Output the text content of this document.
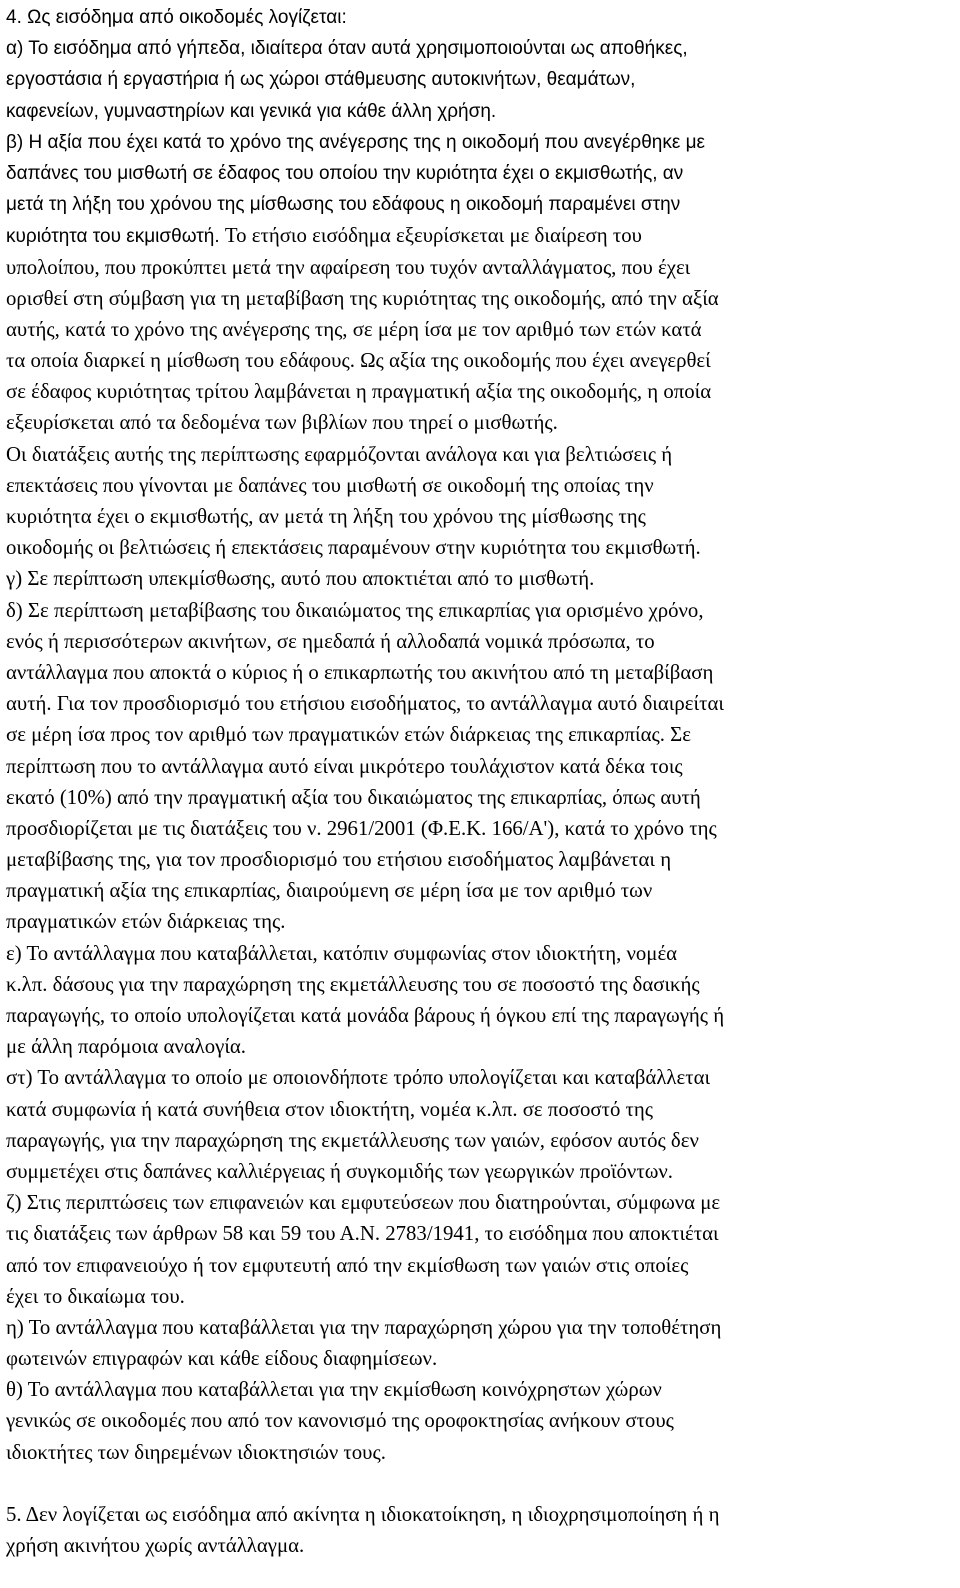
4. Ως εισόδημα από οικοδομές λογίζεται:
α) Το εισόδημα από γήπεδα, ιδιαίτερα όταν αυτά χρησιμοποιούνται ως αποθήκες,
εργοστάσια ή εργαστήρια ή ως χώροι στάθμευσης αυτοκινήτων, θεαμάτων,
καφενείων, γυμναστηρίων και γενικά για κάθε άλλη χρήση.
β) Η αξία που έχει κατά το χρόνο της ανέγερσης της η οικοδομή που ανεγέρθηκε με
δαπάνες του μισθωτή σε έδαφος του οποίου την κυριότητα έχει ο εκμισθωτής, αν
μετά τη λήξη του χρόνου της μίσθωσης του εδάφους η οικοδομή παραμένει στην
κυριότητα του εκμισθωτή. Το ετήσιο εισόδημα εξευρίσκεται με διαίρεση του
υπολοίπου, που προκύπτει μετά την αφαίρεση του τυχόν ανταλλάγματος, που έχει
ορισθεί στη σύμβαση για τη μεταβίβαση της κυριότητας της οικοδομής, από την αξία
αυτής, κατά το χρόνο της ανέγερσης της, σε μέρη ίσα με τον αριθμό των ετών κατά
τα οποία διαρκεί η μίσθωση του εδάφους. Ως αξία της οικοδομής που έχει ανεγερθεί
σε έδαφος κυριότητας τρίτου λαμβάνεται η πραγματική αξία της οικοδομής, η οποία
εξευρίσκεται από τα δεδομένα των βιβλίων που τηρεί ο μισθωτής.
Οι διατάξεις αυτής της περίπτωσης εφαρμόζονται ανάλογα και για βελτιώσεις ή
επεκτάσεις που γίνονται με δαπάνες του μισθωτή σε οικοδομή της οποίας την
κυριότητα έχει ο εκμισθωτής, αν μετά τη λήξη του χρόνου της μίσθωσης της
οικοδομής οι βελτιώσεις ή επεκτάσεις παραμένουν στην κυριότητα του εκμισθωτή.
γ) Σε περίπτωση υπεκμίσθωσης, αυτό που αποκτιέται από το μισθωτή.
δ) Σε περίπτωση μεταβίβασης του δικαιώματος της επικαρπίας για ορισμένο χρόνο,
ενός ή περισσότερων ακινήτων, σε ημεδαπά ή αλλοδαπά νομικά πρόσωπα, το
αντάλλαγμα που αποκτά ο κύριος ή ο επικαρπωτής του ακινήτου από τη μεταβίβαση
αυτή. Για τον προσδιορισμό του ετήσιου εισοδήματος, το αντάλλαγμα αυτό διαιρείται
σε μέρη ίσα προς τον αριθμό των πραγματικών ετών διάρκειας της επικαρπίας. Σε
περίπτωση που το αντάλλαγμα αυτό είναι μικρότερο τουλάχιστον κατά δέκα τοις
εκατό (10%) από την πραγματική αξία του δικαιώματος της επικαρπίας, όπως αυτή
προσδιορίζεται με τις διατάξεις του ν. 2961/2001 (Φ.Ε.Κ. 166/Α'), κατά το χρόνο της
μεταβίβασης της, για τον προσδιορισμό του ετήσιου εισοδήματος λαμβάνεται η
πραγματική αξία της επικαρπίας, διαιρούμενη σε μέρη ίσα με τον αριθμό των
πραγματικών ετών διάρκειας της.
ε) Το αντάλλαγμα που καταβάλλεται, κατόπιν συμφωνίας στον ιδιοκτήτη, νομέα
κ.λπ. δάσους για την παραχώρηση της εκμετάλλευσης του σε ποσοστό της δασικής
παραγωγής, το οποίο υπολογίζεται κατά μονάδα βάρους ή όγκου επί της παραγωγής ή
με άλλη παρόμοια αναλογία.
στ) Το αντάλλαγμα το οποίο με οποιονδήποτε τρόπο υπολογίζεται και καταβάλλεται
κατά συμφωνία ή κατά συνήθεια στον ιδιοκτήτη, νομέα κ.λπ. σε ποσοστό της
παραγωγής, για την παραχώρηση της εκμετάλλευσης των γαιών, εφόσον αυτός δεν
συμμετέχει στις δαπάνες καλλιέργειας ή συγκομιδής των γεωργικών προϊόντων.
ζ) Στις περιπτώσεις των επιφανειών και εμφυτεύσεων που διατηρούνται, σύμφωνα με
τις διατάξεις των άρθρων 58 και 59 του Α.Ν. 2783/1941, το εισόδημα που αποκτιέται
από τον επιφανειούχο ή τον εμφυτευτή από την εκμίσθωση των γαιών στις οποίες
έχει το δικαίωμα του.
η) Το αντάλλαγμα που καταβάλλεται για την παραχώρηση χώρου για την τοποθέτηση
φωτεινών επιγραφών και κάθε είδους διαφημίσεων.
θ) Το αντάλλαγμα που καταβάλλεται για την εκμίσθωση κοινόχρηστων χώρων
γενικώς σε οικοδομές που από τον κανονισμό της οροφοκτησίας ανήκουν στους
ιδιοκτήτες των διηρεμένων ιδιοκτησιών τους.
5. Δεν λογίζεται ως εισόδημα από ακίνητα η ιδιοκατοίκηση, η ιδιοχρησιμοποίηση ή η
χρήση ακινήτου χωρίς αντάλλαγμα.
